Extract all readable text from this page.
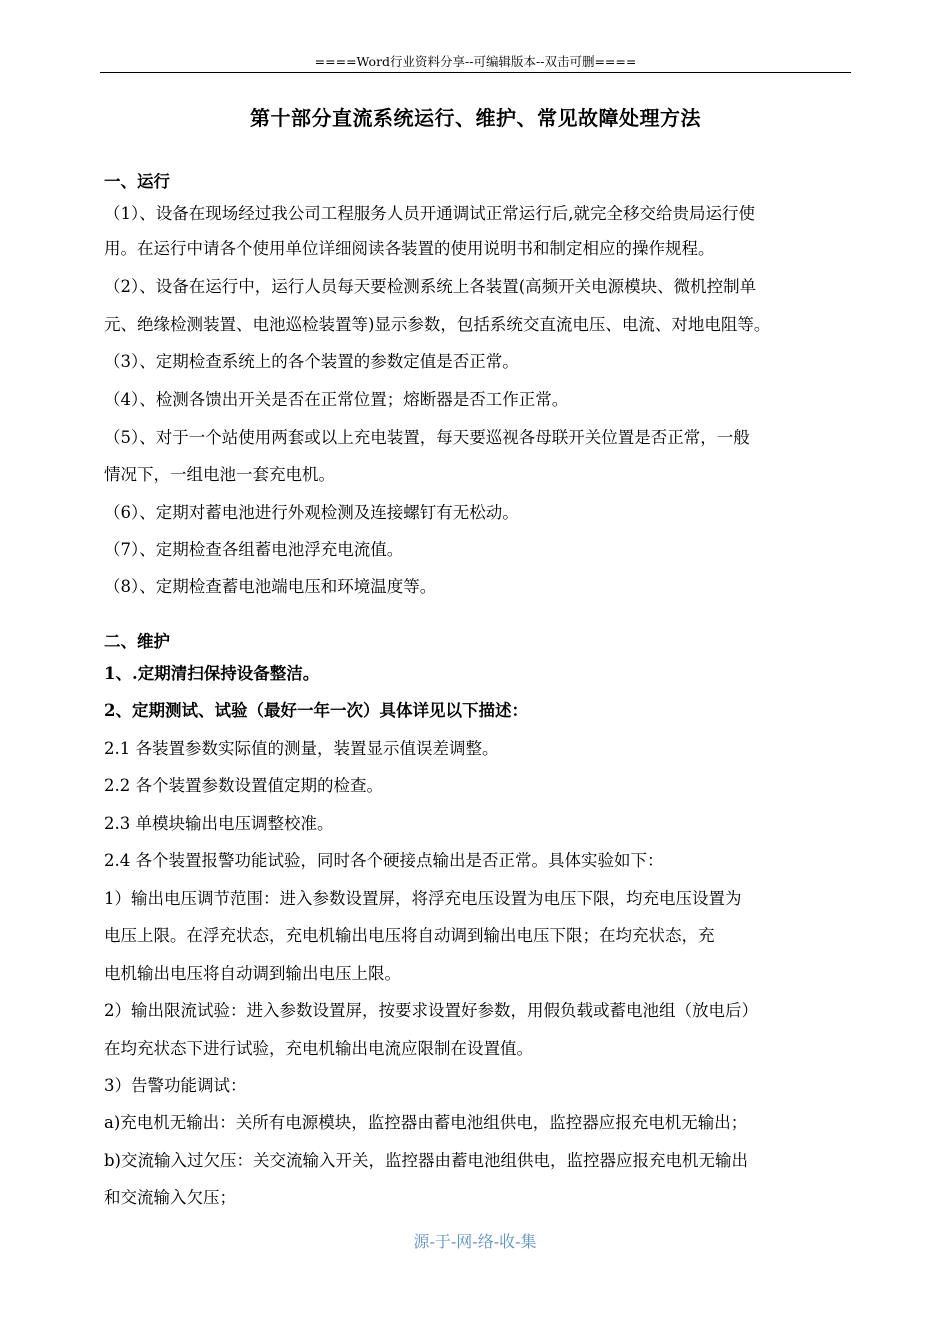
====Word行业资料分享--可编辑版本--双击可删====
第十部分直流系统运行、维护、常见故障处理方法
一、运行
（1）、设备在现场经过我公司工程服务人员开通调试正常运行后,就完全移交给贵局运行使
用。在运行中请各个使用单位详细阅读各装置的使用说明书和制定相应的操作规程。
（2）、设备在运行中，运行人员每天要检测系统上各装置(高频开关电源模块、微机控制单
元、绝缘检测装置、电池巡检装置等)显示参数，包括系统交直流电压、电流、对地电阻等。
（3）、定期检查系统上的各个装置的参数定值是否正常。
（4）、检测各馈出开关是否在正常位置；熔断器是否工作正常。
（5）、对于一个站使用两套或以上充电装置，每天要巡视各母联开关位置是否正常，一般
情况下，一组电池一套充电机。
（6）、定期对蓄电池进行外观检测及连接螺钉有无松动。
（7）、定期检查各组蓄电池浮充电流值。
（8）、定期检查蓄电池端电压和环境温度等。
二、维护
1、.定期清扫保持设备整洁。
2、定期测试、试验（最好一年一次）具体详见以下描述：
2.1 各装置参数实际值的测量，装置显示值误差调整。
2.2 各个装置参数设置值定期的检查。
2.3 单模块输出电压调整校准。
2.4 各个装置报警功能试验，同时各个硬接点输出是否正常。具体实验如下：
1）输出电压调节范围：进入参数设置屏，将浮充电压设置为电压下限，均充电压设置为
电压上限。在浮充状态，充电机输出电压将自动调到输出电压下限；在均充状态，充
电机输出电压将自动调到输出电压上限。
2）输出限流试验：进入参数设置屏，按要求设置好参数，用假负载或蓄电池组（放电后）
在均充状态下进行试验，充电机输出电流应限制在设置值。
3）告警功能调试：
a)充电机无输出：关所有电源模块，监控器由蓄电池组供电，监控器应报充电机无输出；
b)交流输入过欠压：关交流输入开关，监控器由蓄电池组供电，监控器应报充电机无输出
和交流输入欠压；
源-于-网-络-收-集
